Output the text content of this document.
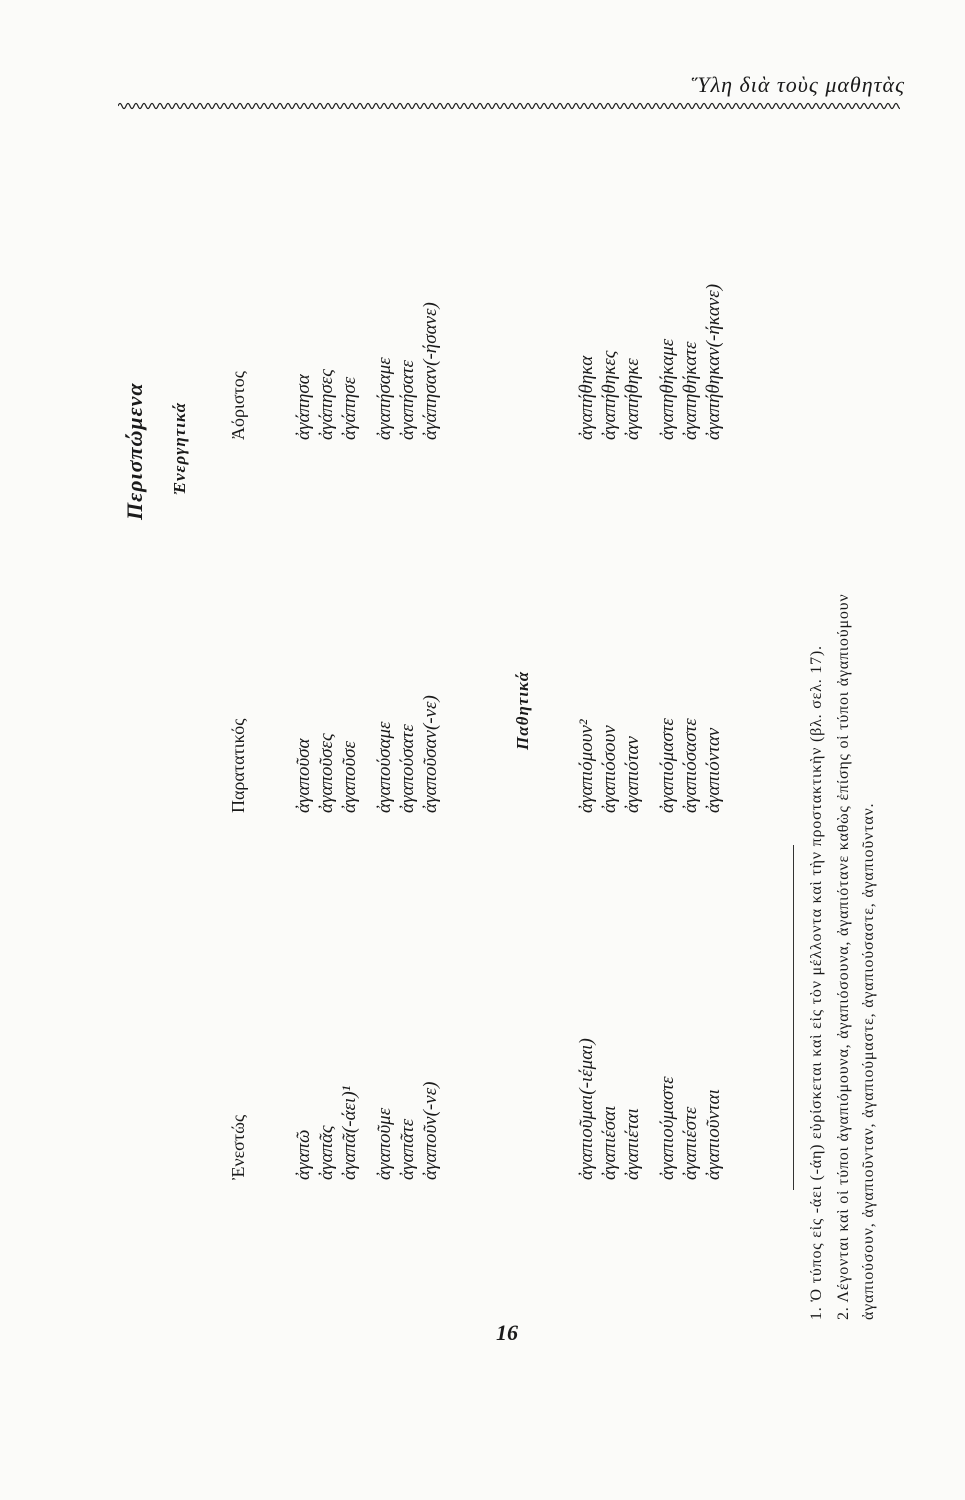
Ὕλη διὰ τοὺς μαθητὰς
16
Περισπώμενα Ἐνεργητικά
Ἐνεστώς
Παρατατικός
Ἀόριστος
ἀγαπῶ ἀγαπᾶς ἀγαπᾶ(-άει)¹ ἀγαποῦμε ἀγαπᾶτε ἀγαποῦν(-νε)
ἀγαποῦσα ἀγαποῦσες ἀγαποῦσε ἀγαπούσαμε ἀγαπούσατε ἀγαποῦσαν(-νε)
ἀγάπησα ἀγάπησες ἀγάπησε ἀγαπήσαμε ἀγαπήσατε ἀγάπησαν(-ήσανε)
Παθητικά
ἀγαπιοῦμαι(-ιέμαι) ἀγαπιέσαι ἀγαπιέται ἀγαπιούμαστε ἀγαπιέστε ἀγαπιοῦνται
ἀγαπιόμουν² ἀγαπιόσουν ἀγαπιόταν ἀγαπιόμαστε ἀγαπιόσαστε ἀγαπιόνταν
ἀγαπήθηκα ἀγαπήθηκες ἀγαπήθηκε ἀγαπηθήκαμε ἀγαπηθήκατε ἀγαπήθηκαν(-ήκανε)
1. Ὁ τύπος εἰς -άει (-άη) εὑρίσκεται καὶ εἰς τὸν μέλλοντα καὶ τὴν προστακτικὴν (βλ. σελ. 17). 2. Λέγονται καὶ οἱ τύποι ἀγαπιόμουνα, ἀγαπιόσουνα, ἀγαπιότανε καθὼς ἐπίσης οἱ τύποι ἀγαπιούμουν ἀγαπιούσουν, ἀγαπιοῦνταν, ἀγαπιούμαστε, ἀγαπιούσαστε, ἀγαπιοῦνταν.
